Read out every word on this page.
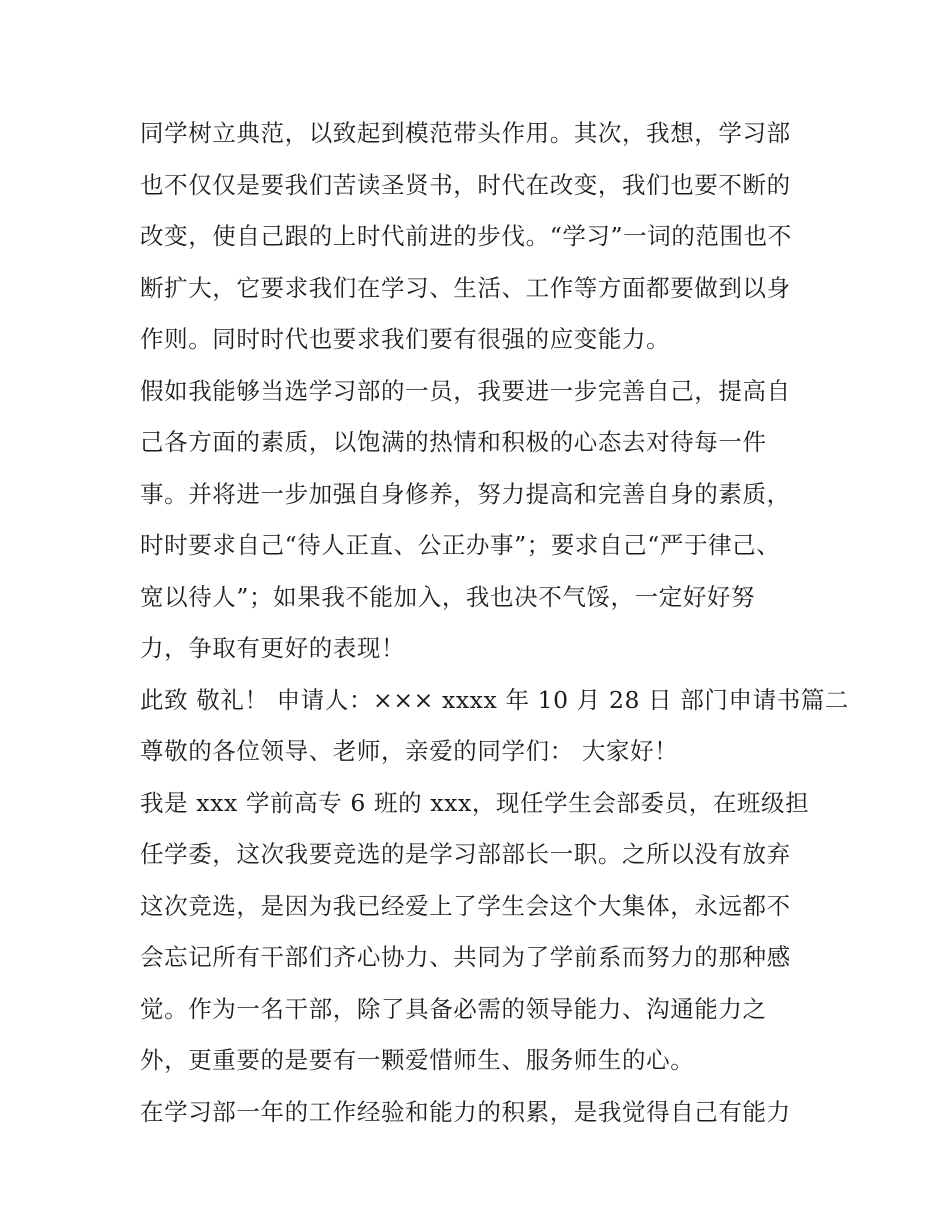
同学树立典范，以致起到模范带头作用。其次，我想，学习部
也不仅仅是要我们苦读圣贤书，时代在改变，我们也要不断的
改变，使自己跟的上时代前进的步伐。“学习”一词的范围也不
断扩大，它要求我们在学习、生活、工作等方面都要做到以身
作则。同时时代也要求我们要有很强的应变能力。
假如我能够当选学习部的一员，我要进一步完善自己，提高自
己各方面的素质，以饱满的热情和积极的心态去对待每一件
事。并将进一步加强自身修养，努力提高和完善自身的素质，
时时要求自己“待人正直、公正办事”；要求自己“严于律己、
宽以待人”；如果我不能加入，我也决不气馁，一定好好努
力，争取有更好的表现！
此致 敬礼！ 申请人：××× xxxx 年 10 月 28 日 部门申请书篇二
尊敬的各位领导、老师，亲爱的同学们： 大家好！
我是 xxx 学前高专 6 班的 xxx，现任学生会部委员，在班级担
任学委，这次我要竞选的是学习部部长一职。之所以没有放弃
这次竞选，是因为我已经爱上了学生会这个大集体，永远都不
会忘记所有干部们齐心协力、共同为了学前系而努力的那种感
觉。作为一名干部，除了具备必需的领导能力、沟通能力之
外，更重要的是要有一颗爱惜师生、服务师生的心。
在学习部一年的工作经验和能力的积累，是我觉得自己有能力
